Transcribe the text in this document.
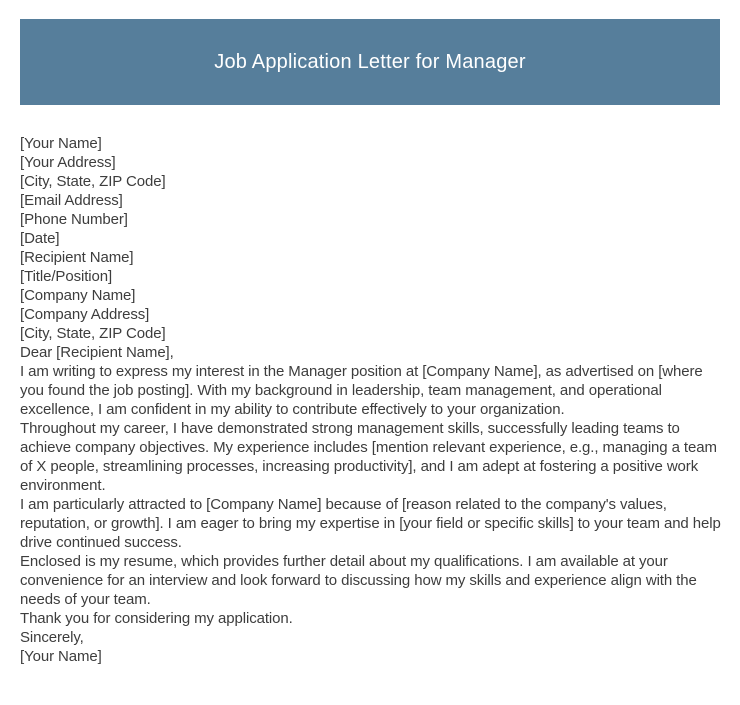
Job Application Letter for Manager

[Your Name]

[Your Address]

[City, State, ZIP Code]

[Email Address]

[Phone Number]

[Date]

[Recipient Name]

[Title/Position]

[Company Name]

[Company Address]

[City, State, ZIP Code]

Dear [Recipient Name],

I am writing to express my interest in the Manager position at [Company Name], as advertised on [where you found the job posting]. With my background in leadership, team management, and operational excellence, I am confident in my ability to contribute effectively to your organization.

Throughout my career, I have demonstrated strong management skills, successfully leading teams to achieve company objectives. My experience includes [mention relevant experience, e.g., managing a team of X people, streamlining processes, increasing productivity], and I am adept at fostering a positive work environment.

I am particularly attracted to [Company Name] because of [reason related to the company's values, reputation, or growth]. I am eager to bring my expertise in [your field or specific skills] to your team and help drive continued success.

Enclosed is my resume, which provides further detail about my qualifications. I am available at your convenience for an interview and look forward to discussing how my skills and experience align with the needs of your team.

Thank you for considering my application.

Sincerely,

[Your Name]
